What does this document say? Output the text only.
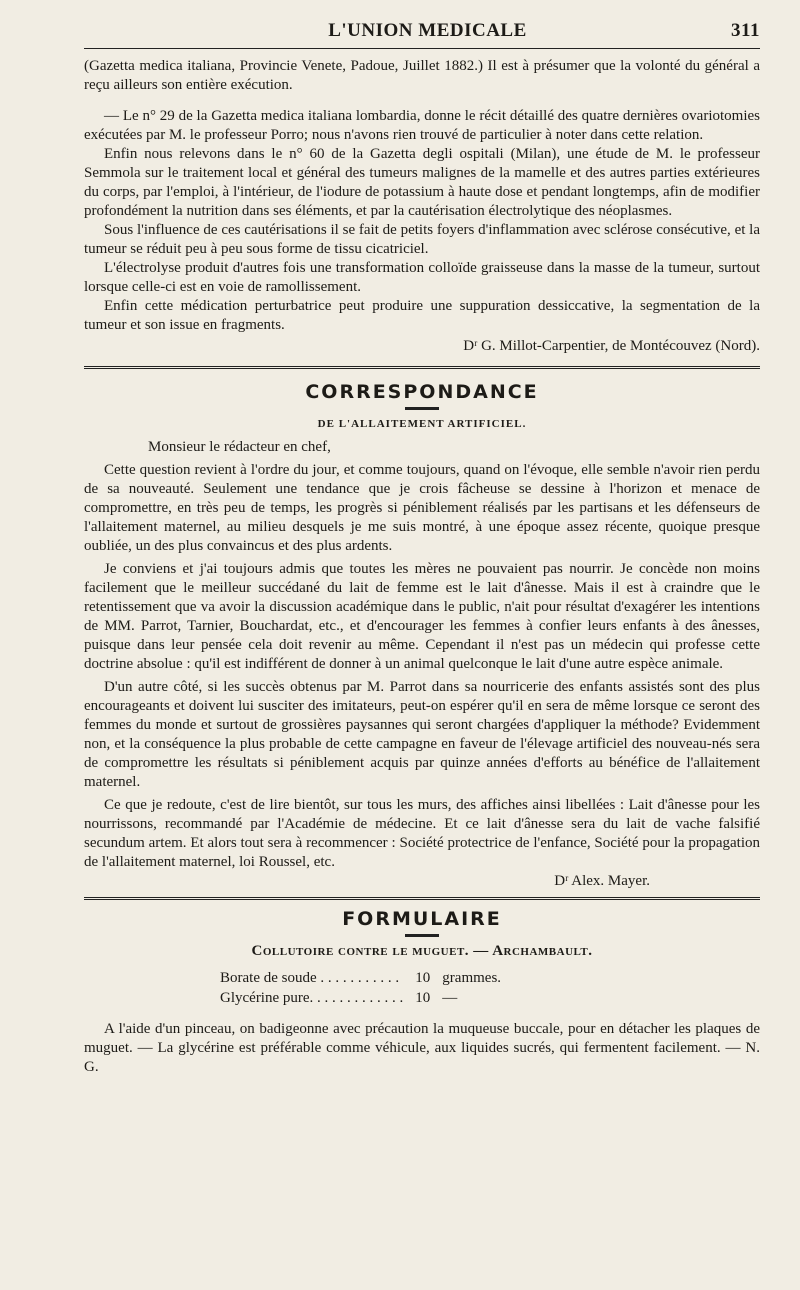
L'UNION MEDICALE	311

(Gazetta medica italiana, Provincie Venete, Padoue, Juillet 1882.) Il est à présumer que la volonté du général a reçu ailleurs son entière exécution.

— Le n° 29 de la Gazetta medica italiana lombardia, donne le récit détaillé des quatre dernières ovariotomies exécutées par M. le professeur Porro; nous n'avons rien trouvé de particulier à noter dans cette relation.

Enfin nous relevons dans le n° 60 de la Gazetta degli ospitali (Milan), une étude de M. le professeur Semmola sur le traitement local et général des tumeurs malignes de la mamelle et des autres parties extérieures du corps, par l'emploi, à l'intérieur, de l'iodure de potassium à haute dose et pendant longtemps, afin de modifier profondément la nutrition dans ses éléments, et par la cautérisation électrolytique des néoplasmes.

Sous l'influence de ces cautérisations il se fait de petits foyers d'inflammation avec sclérose consécutive, et la tumeur se réduit peu à peu sous forme de tissu cicatriciel.

L'électrolyse produit d'autres fois une transformation colloïde graisseuse dans la masse de la tumeur, surtout lorsque celle-ci est en voie de ramollissement.

Enfin cette médication perturbatrice peut produire une suppuration dessiccative, la segmentation de la tumeur et son issue en fragments.

Dʳ G. Millot-Carpentier, de Montécouvez (Nord).
CORRESPONDANCE
DE L'ALLAITEMENT ARTIFICIEL.

Monsieur le rédacteur en chef,

Cette question revient à l'ordre du jour, et comme toujours, quand on l'évoque, elle semble n'avoir rien perdu de sa nouveauté. Seulement une tendance que je crois fâcheuse se dessine à l'horizon et menace de compromettre, en très peu de temps, les progrès si péniblement réalisés par les partisans et les défenseurs de l'allaitement maternel, au milieu desquels je me suis montré, à une époque assez récente, quoique presque oubliée, un des plus convaincus et des plus ardents.

Je conviens et j'ai toujours admis que toutes les mères ne pouvaient pas nourrir. Je concède non moins facilement que le meilleur succédané du lait de femme est le lait d'ânesse. Mais il est à craindre que le retentissement que va avoir la discussion académique dans le public, n'ait pour résultat d'exagérer les intentions de MM. Parrot, Tarnier, Bouchardat, etc., et d'encourager les femmes à confier leurs enfants à des ânesses, puisque dans leur pensée cela doit revenir au même. Cependant il n'est pas un médecin qui professe cette doctrine absolue : qu'il est indifférent de donner à un animal quelconque le lait d'une autre espèce animale.

D'un autre côté, si les succès obtenus par M. Parrot dans sa nourricerie des enfants assistés sont des plus encourageants et doivent lui susciter des imitateurs, peut-on espérer qu'il en sera de même lorsque ce seront des femmes du monde et surtout de grossières paysannes qui seront chargées d'appliquer la méthode? Evidemment non, et la conséquence la plus probable de cette campagne en faveur de l'élevage artificiel des nouveau-nés sera de compromettre les résultats si péniblement acquis par quinze années d'efforts au bénéfice de l'allaitement maternel.

Ce que je redoute, c'est de lire bientôt, sur tous les murs, des affiches ainsi libellées : Lait d'ânesse pour les nourrissons, recommandé par l'Académie de médecine. Et ce lait d'ânesse sera du lait de vache falsifié secundum artem. Et alors tout sera à recommencer : Société protectrice de l'enfance, Société pour la propagation de l'allaitement maternel, loi Roussel, etc.

Dʳ Alex. Mayer.
FORMULAIRE
Collutoire contre le muguet. — Archambault.
Borate de soude . . . . . . . . . . .	10	grammes.
Glycérine pure. . . . . . . . . . . . .	10	—

A l'aide d'un pinceau, on badigeonne avec précaution la muqueuse buccale, pour en détacher les plaques de muguet. — La glycérine est préférable comme véhicule, aux liquides sucrés, qui fermentent facilement. — N. G.
